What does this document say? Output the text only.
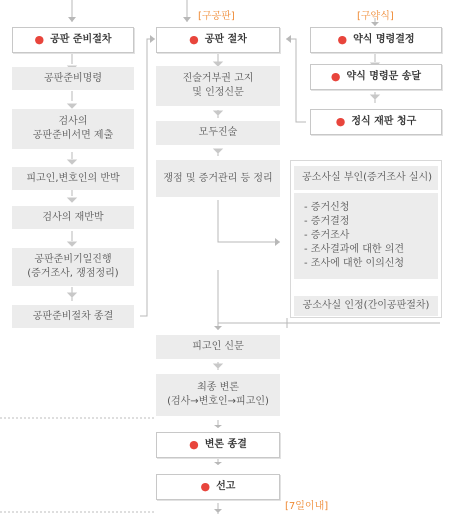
[구공판]	[구약식]
[7일이내]
● 공판 준비절차
공판준비명령
검사의
공판준비서면 제출
피고인,변호인의 반박
검사의 재반박
공판준비기일진행
(증거조사, 쟁점정리)
공판준비절차 종결
● 공판 절차
진술거부권 고지
및 인정신문
모두진술
쟁점 및 증거관리 등 정리
피고인 신문
최종 변론
(검사→변호인→피고인)
● 변론 종결
● 선고
● 약식 명령결정
● 약식 명령문 송달
● 정식 재판 청구
공소사실 부인(증거조사 실시)
- 증거신청
- 증거결정
- 증거조사
- 조사결과에 대한 의견
- 조사에 대한 이의신청
공소사실 인정(간이공판절차)
